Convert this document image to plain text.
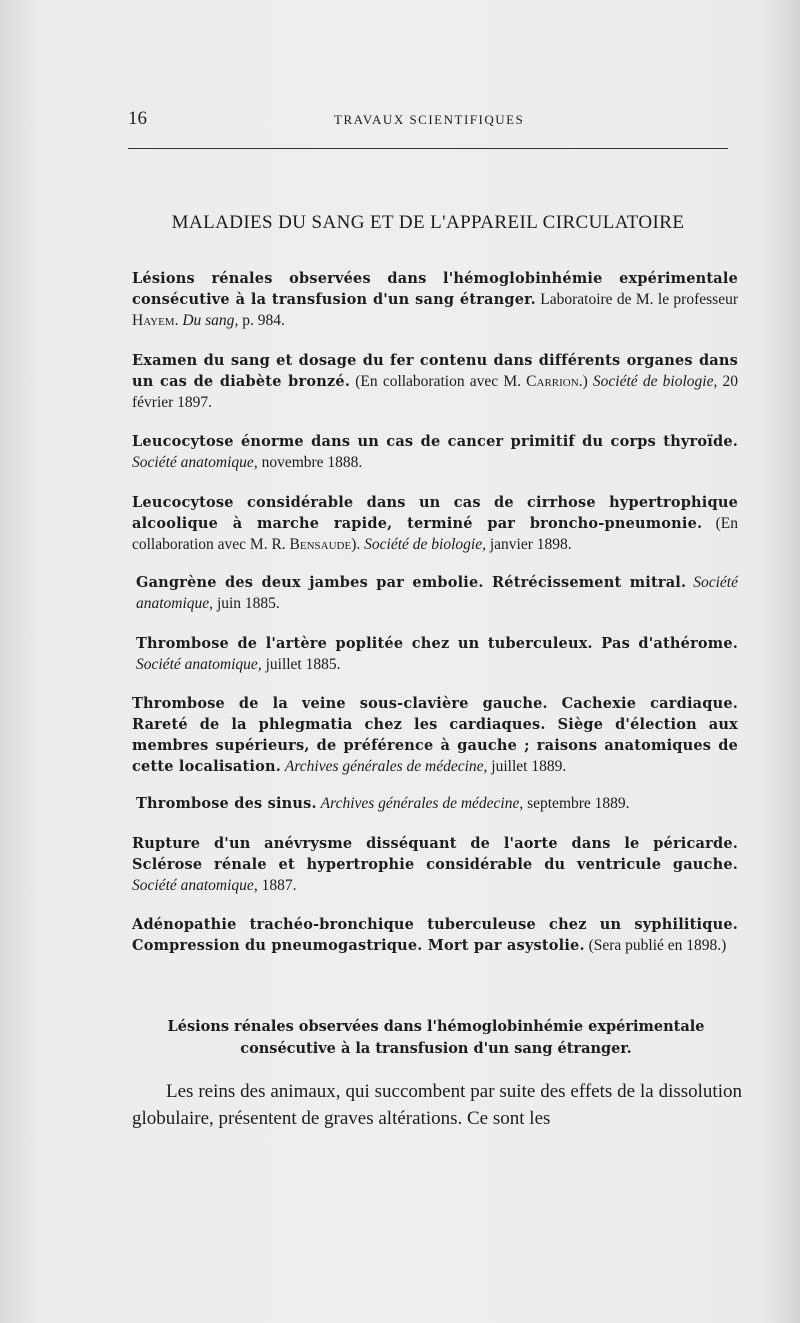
16	TRAVAUX SCIENTIFIQUES
MALADIES DU SANG ET DE L'APPAREIL CIRCULATOIRE
Lésions rénales observées dans l'hémoglobinhémie expérimentale consécutive à la transfusion d'un sang étranger. Laboratoire de M. le professeur Hayem. Du sang, p. 984.
Examen du sang et dosage du fer contenu dans différents organes dans un cas de diabète bronzé. (En collaboration avec M. Carrion.) Société de biologie, 20 février 1897.
Leucocytose énorme dans un cas de cancer primitif du corps thyroïde. Société anatomique, novembre 1888.
Leucocytose considérable dans un cas de cirrhose hypertrophique alcoolique à marche rapide, terminé par broncho-pneumonie. (En collaboration avec M. R. Bensaude). Société de biologie, janvier 1898.
Gangrène des deux jambes par embolie. Rétrécissement mitral. Société anatomique, juin 1885.
Thrombose de l'artère poplitée chez un tuberculeux. Pas d'athérome. Société anatomique, juillet 1885.
Thrombose de la veine sous-clavière gauche. Cachexie cardiaque. Rareté de la phlegmatia chez les cardiaques. Siège d'élection aux membres supérieurs, de préférence à gauche ; raisons anatomiques de cette localisation. Archives générales de médecine, juillet 1889.
Thrombose des sinus. Archives générales de médecine, septembre 1889.
Rupture d'un anévrysme disséquant de l'aorte dans le péricarde. Sclérose rénale et hypertrophie considérable du ventricule gauche. Société anatomique, 1887.
Adénopathie trachéo-bronchique tuberculeuse chez un syphilitique. Compression du pneumogastrique. Mort par asystolie. (Sera publié en 1898.)
Lésions rénales observées dans l'hémoglobinhémie expérimentale
consécutive à la transfusion d'un sang étranger.
Les reins des animaux, qui succombent par suite des effets de la dissolution globulaire, présentent de graves altérations. Ce sont les
